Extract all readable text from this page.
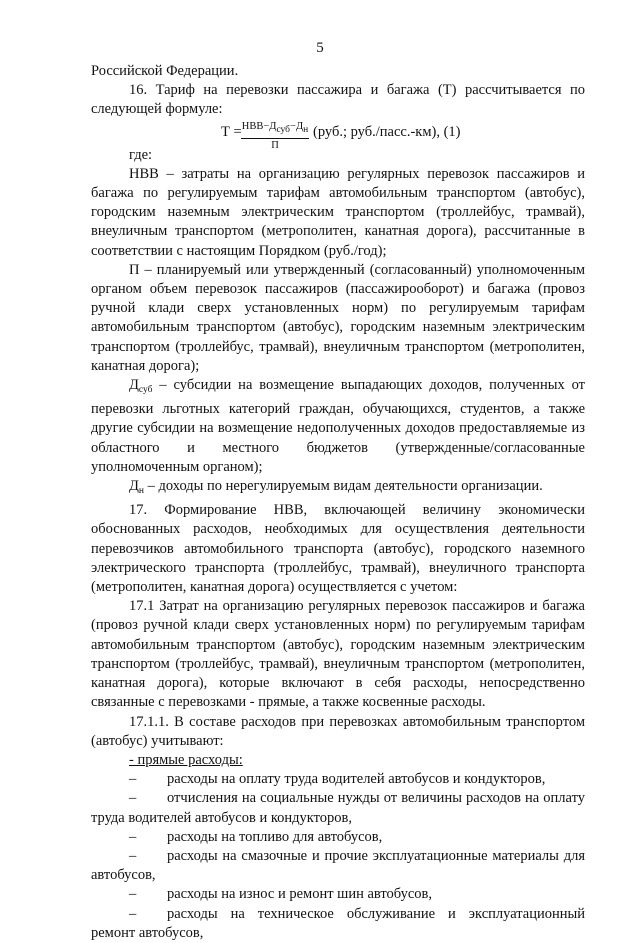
5

Российской Федерации.

16. Тариф на перевозки пассажира и багажа (Т) рассчитывается по следующей формуле:

Т = НВВ−Дсуб−Дн
П
(руб.; руб./пасс.-км), (1)

где:

НВВ – затраты на организацию регулярных перевозок пассажиров и багажа по регулируемым тарифам автомобильным транспортом (автобус), городским наземным электрическим транспортом (троллейбус, трамвай), внеуличным транспортом (метрополитен, канатная дорога), рассчитанные в соответствии с настоящим Порядком (руб./год);

П – планируемый или утвержденный (согласованный) уполномоченным органом объем перевозок пассажиров (пассажирооборот) и багажа (провоз ручной клади сверх установленных норм) по регулируемым тарифам автомобильным транспортом (автобус), городским наземным электрическим транспортом (троллейбус, трамвай), внеуличным транспортом (метрополитен, канатная дорога);

$Д_{суб}$ – субсидии на возмещение выпадающих доходов, полученных от перевозки льготных категорий граждан, обучающихся, студентов, а также другие субсидии на возмещение недополученных доходов предоставляемые из областного и местного бюджетов (утвержденные/согласованные уполномоченным органом);

$Д_н$ – доходы по нерегулируемым видам деятельности организации.

17. Формирование НВВ, включающей величину экономически обоснованных расходов, необходимых для осуществления деятельности перевозчиков автомобильного транспорта (автобус), городского наземного электрического транспорта (троллейбус, трамвай), внеуличного транспорта (метрополитен, канатная дорога) осуществляется с учетом:

17.1 Затрат на организацию регулярных перевозок пассажиров и багажа (провоз ручной клади сверх установленных норм) по регулируемым тарифам автомобильным транспортом (автобус), городским наземным электрическим транспортом (троллейбус, трамвай), внеуличным транспортом (метрополитен, канатная дорога), которые включают в себя расходы, непосредственно связанные с перевозками - прямые, а также косвенные расходы.

17.1.1. В составе расходов при перевозках автомобильным транспортом (автобус) учитывают:

- прямые расходы:

– расходы на оплату труда водителей автобусов и кондукторов,

– отчисления на социальные нужды от величины расходов на оплату труда водителей автобусов и кондукторов,

– расходы на топливо для автобусов,

– расходы на смазочные и прочие эксплуатационные материалы для автобусов,

– расходы на износ и ремонт шин автобусов,

– расходы на техническое обслуживание и эксплуатационный ремонт автобусов,
